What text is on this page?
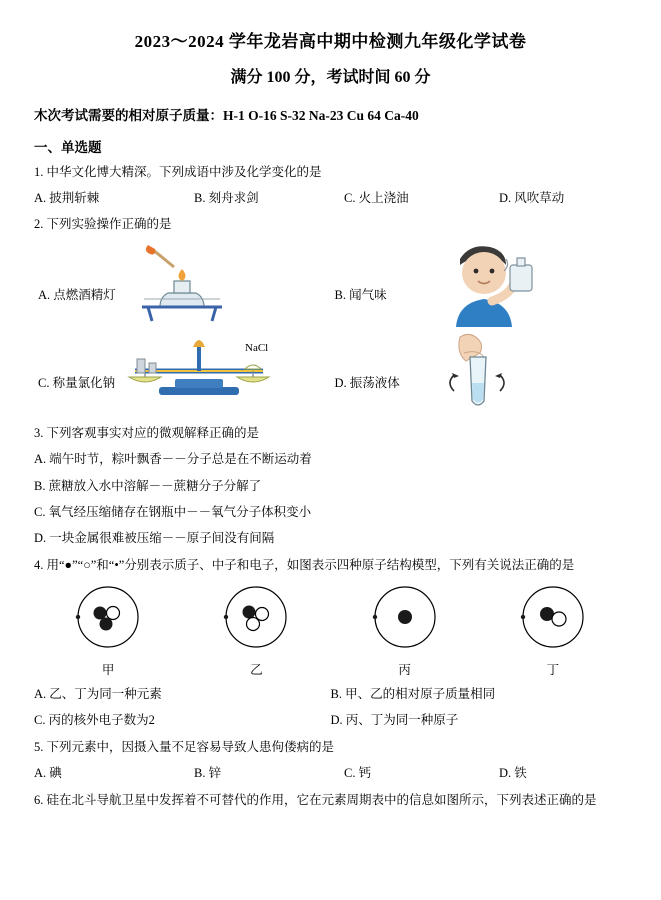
2023～2024 学年龙岩高中期中检测九年级化学试卷
满分 100 分，考试时间 60 分
木次考试需要的相对原子质量：H-1 O-16 S-32 Na-23 Cu 64 Ca-40
一、单选题
1. 中华文化博大精深。下列成语中涉及化学变化的是
A. 披荆斩棘	B. 刻舟求剑	C. 火上浇油	D. 风吹草动
2. 下列实验操作正确的是
A. 点燃酒精灯	B. 闻气味
NaCl
C. 称量氯化钠	D. 振荡液体
3. 下列客观事实对应的微观解释正确的是
A. 端午时节，粽叶飘香－－分子总是在不断运动着
B. 蔗糖放入水中溶解－－蔗糖分子分解了
C. 氧气经压缩储存在钢瓶中－－氧气分子体积变小
D. 一块金属很难被压缩－－原子间没有间隔
4. 用“●”“○”和“•”分别表示质子、中子和电子，如图表示四种原子结构模型，下列有关说法正确的是
甲	乙	丙	丁
A. 乙、丁为同一种元素	B. 甲、乙的相对原子质量相同
C. 丙的核外电子数为2	D. 丙、丁为同一种原子
5. 下列元素中，因摄入量不足容易导致人患佝偻病的是
A. 碘	B. 锌	C. 钙	D. 铁
6. 硅在北斗导航卫星中发挥着不可替代的作用，它在元素周期表中的信息如图所示，下列表述正确的是
